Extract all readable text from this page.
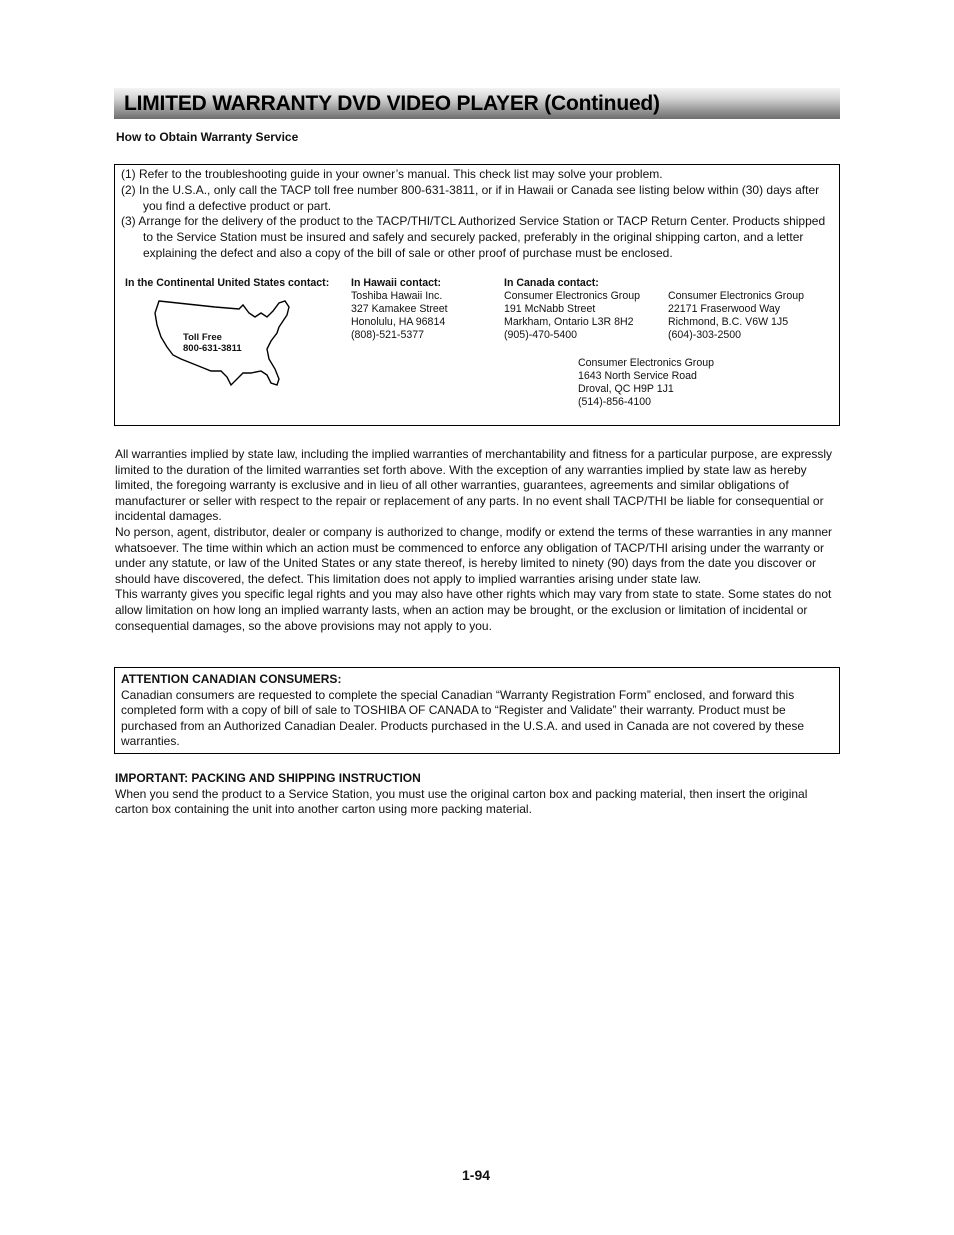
LIMITED WARRANTY DVD VIDEO PLAYER (Continued)
How to Obtain Warranty Service

(1) Refer to the troubleshooting guide in your owner’s manual. This check list may solve your problem.

(2) In the U.S.A., only call the TACP toll free number 800-631-3811, or if in Hawaii or Canada see listing below within (30) days after you find a defective product or part.

(3) Arrange for the delivery of the product to the TACP/THI/TCL Authorized Service Station or TACP Return Center. Products shipped to the Service Station must be insured and safely and securely packed, preferably in the original shipping carton, and a letter explaining the defect and also a copy of the bill of sale or other proof of purchase must be enclosed.

In the Continental United States contact:
Toll Free
800-631-3811
In Hawaii contact:
Toshiba Hawaii Inc.
327 Kamakee Street
Honolulu, HA 96814
(808)-521-5377
In Canada contact:
Consumer Electronics Group
191 McNabb Street
Markham, Ontario L3R 8H2
(905)-470-5400
Consumer Electronics Group
22171 Fraserwood Way
Richmond, B.C. V6W 1J5
(604)-303-2500
Consumer Electronics Group
1643 North Service Road
Droval, QC H9P 1J1
(514)-856-4100

All warranties implied by state law, including the implied warranties of merchantability and fitness for a particular purpose, are expressly limited to the duration of the limited warranties set forth above. With the exception of any warranties implied by state law as hereby limited, the foregoing warranty is exclusive and in lieu of all other warranties, guarantees, agreements and similar obligations of manufacturer or seller with respect to the repair or replacement of any parts. In no event shall TACP/THI be liable for consequential or incidental damages.

No person, agent, distributor, dealer or company is authorized to change, modify or extend the terms of these warranties in any manner whatsoever. The time within which an action must be commenced to enforce any obligation of TACP/THI arising under the warranty or under any statute, or law of the United States or any state thereof, is hereby limited to ninety (90) days from the date you discover or should have discovered, the defect. This limitation does not apply to implied warranties arising under state law.

This warranty gives you specific legal rights and you may also have other rights which may vary from state to state. Some states do not allow limitation on how long an implied warranty lasts, when an action may be brought, or the exclusion or limitation of incidental or consequential damages, so the above provisions may not apply to you.

ATTENTION CANADIAN CONSUMERS:
Canadian consumers are requested to complete the special Canadian “Warranty Registration Form” enclosed, and forward this completed form with a copy of bill of sale to TOSHIBA OF CANADA to “Register and Validate” their warranty. Product must be purchased from an Authorized Canadian Dealer. Products purchased in the U.S.A. and used in Canada are not covered by these warranties.
IMPORTANT: PACKING AND SHIPPING INSTRUCTION
When you send the product to a Service Station, you must use the original carton box and packing material, then insert the original carton box containing the unit into another carton using more packing material.
1-94
